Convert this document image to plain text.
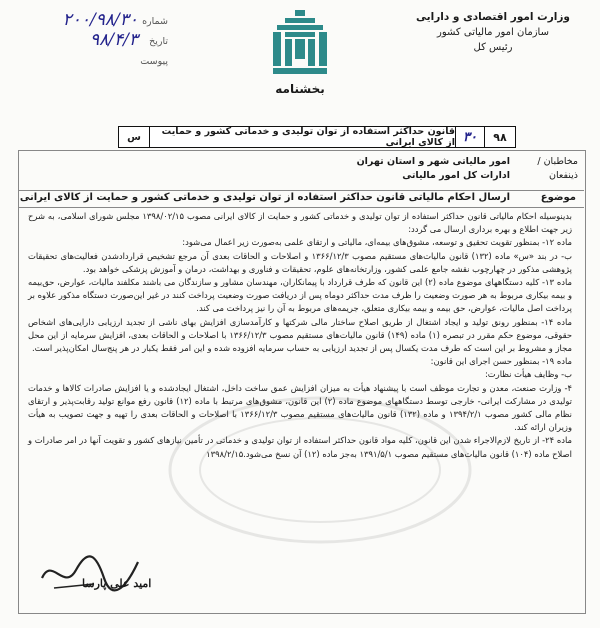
وزارت امور اقتصادی و دارایی
سازمان امور مالیاتی کشور
رئیس کل
بخشنامه
شماره
۲۰۰/۹۸/۳۰
تاریخ
۹۸/۴/۳
پیوست
۹۸
۳۰
قانون حداکثر استفاده از توان تولیدی و خدماتی کشور و حمایت از کالای ایرانی
س
مخاطبان /
ذینفعان
امور مالیاتی شهر و استان تهران
ادارات کل امور مالیاتی
موضوع
ارسال احکام مالیاتی قانون حداکثر استفاده از توان تولیدی و خدماتی کشور و حمایت از کالای ایرانی

بدینوسیله احکام مالیاتی قانون حداکثر استفاده از توان تولیدی و خدماتی کشور و حمایت از کالای ایرانی مصوب ۱۳۹۸/۰۲/۱۵ مجلس شورای اسلامی، به شرح زیر جهت اطلاع و بهره برداری ارسال می گردد:

ماده ۱۲- بمنظور تقویت تحقیق و توسعه، مشوق‌های بیمه‌ای، مالیاتی و ارتقای علمی به‌صورت زیر اعمال می‌شود:

ب- در بند «س» ماده (۱۳۲) قانون مالیات‌های مستقیم مصوب ۱۳۶۶/۱۲/۳ و اصلاحات و الحاقات بعدی آن مرجع تشخیص قراردادشدن فعالیت‌های تحقیقات پژوهشی مذکور در چهارچوب نقشه جامع علمی کشور، وزارتخانه‌های علوم، تحقیقات و فناوری و بهداشت، درمان و آموزش پزشکی خواهد بود.

ماده ۱۳- کلیه دستگاههای موضوع ماده (۲) این قانون که طرف قرارداد با پیمانکاران، مهندسان مشاور و سازندگان می باشند مکلفند مالیات، عوارض، حق‌بیمه و بیمه بیکاری مربوط به هر صورت وضعیت را ظرف مدت حداکثر دوماه پس از دریافت صورت وضعیت پرداخت کنند در غیر این‌صورت دستگاه مذکور علاوه بر پرداخت اصل مالیات، عوارض، حق بیمه و بیمه بیکاری متعلق، جریمه‌های مربوط به آن را نیز پرداخت می کند.

ماده ۱۴- بمنظور رونق تولید و ایجاد اشتغال از طریق اصلاح ساختار مالی شرکتها و کارآمدسازی افزایش بهای ناشی از تجدید ارزیابی دارایی‌های اشخاص حقوقی، موضوع حکم مقرر در تبصره (۱) ماده (۱۴۹) قانون مالیات‌های مستقیم مصوب ۱۳۶۶/۱۲/۳ با اصلاحات و الحاقات بعدی، افزایش سرمایه از این محل مجاز و مشروط بر این است که طرف مدت یکسال پس از تجدید ارزیابی به حساب سرمایه افزوده شده و این امر فقط یکبار در هر پنج‌سال امکان‌پذیر است.

ماده ۱۹- بمنظور حسن اجرای این قانون:

ب- وظایف هیأت نظارت:

۴- وزارت صنعت، معدن و تجارت موظف است با پیشنهاد هیأت به میزان افزایش عمق ساخت داخل، اشتغال ایجادشده و یا افزایش صادرات کالاها و خدمات تولیدی در مشارکت ایرانی- خارجی توسط دستگاههای موضوع ماده (۲) این قانون، مشوق‌های مرتبط با ماده (۱۲) قانون رفع موانع تولید رقابت‌پذیر و ارتقای نظام مالی کشور مصوب ۱۳۹۴/۲/۱ و ماده (۱۳۲) قانون مالیات‌های مستقیم مصوب ۱۳۶۶/۱۲/۳ با اصلاحات و الحاقات بعدی را تهیه و جهت تصویب به هیأت وزیران ارائه کند.

ماده ۲۴- از تاریخ لازم‌الاجراء شدن این قانون، کلیه مواد قانون حداکثر استفاده از توان تولیدی و خدماتی در تأمین نیازهای کشور و تقویت آنها در امر صادرات و اصلاح ماده (۱۰۴) قانون مالیات‌های مستقیم مصوب ۱۳۹۱/۵/۱ به‌جز ماده (۱۲) آن نسخ می‌شود.۱۳۹۸/۲/۱۵

امید علی پارسا
